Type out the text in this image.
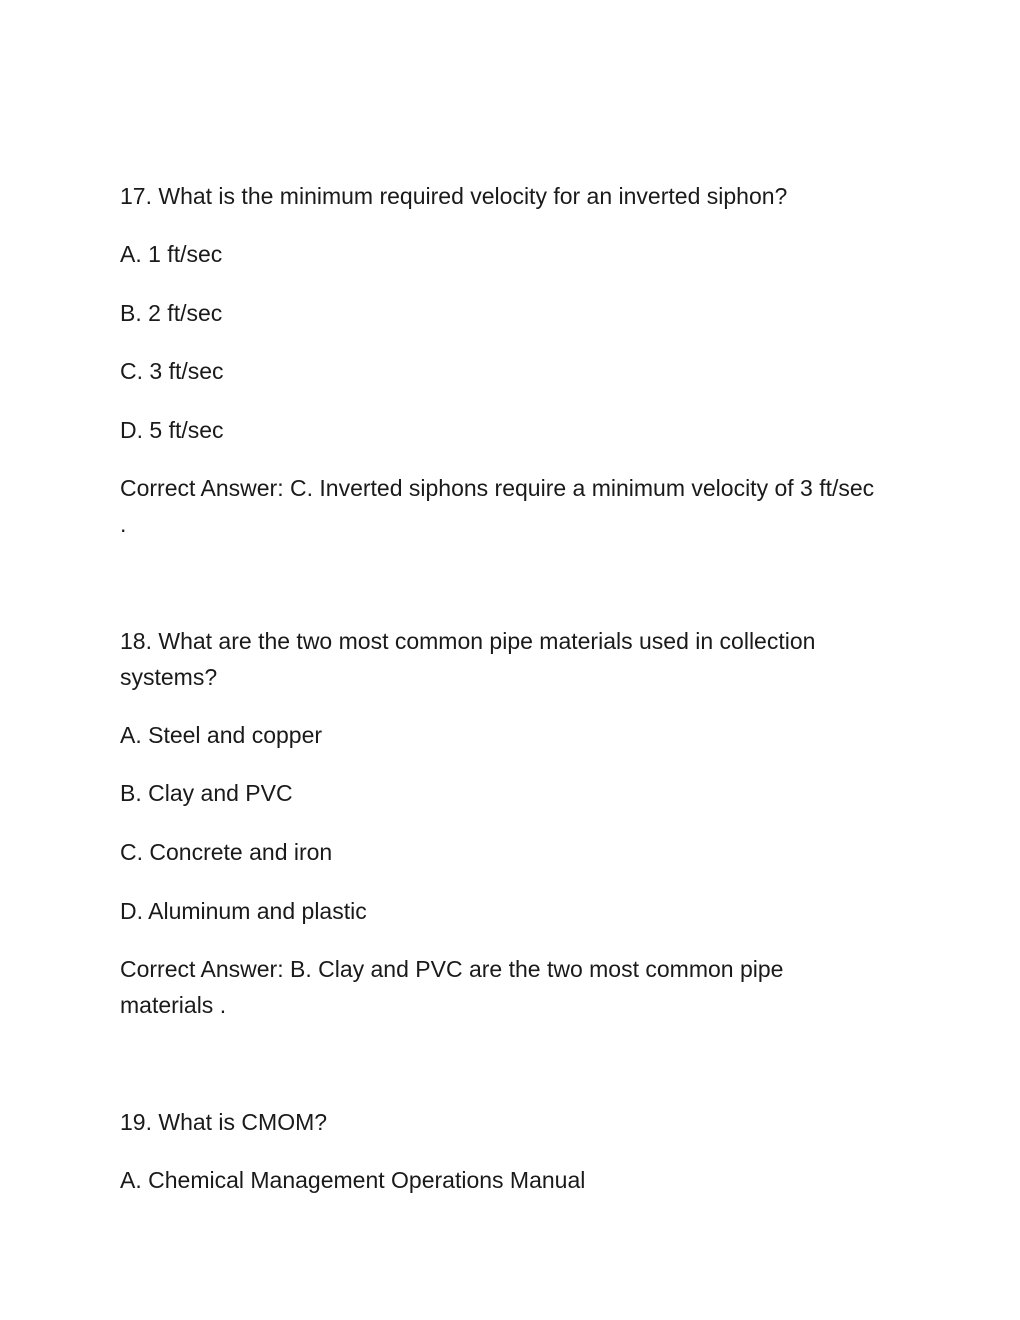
17. What is the minimum required velocity for an inverted siphon?
A. 1 ft/sec
B. 2 ft/sec
C. 3 ft/sec
D. 5 ft/sec
Correct Answer: C. Inverted siphons require a minimum velocity of 3 ft/sec .
18. What are the two most common pipe materials used in collection systems?
A. Steel and copper
B. Clay and PVC
C. Concrete and iron
D. Aluminum and plastic
Correct Answer: B. Clay and PVC are the two most common pipe materials .
19. What is CMOM?
A. Chemical Management Operations Manual
